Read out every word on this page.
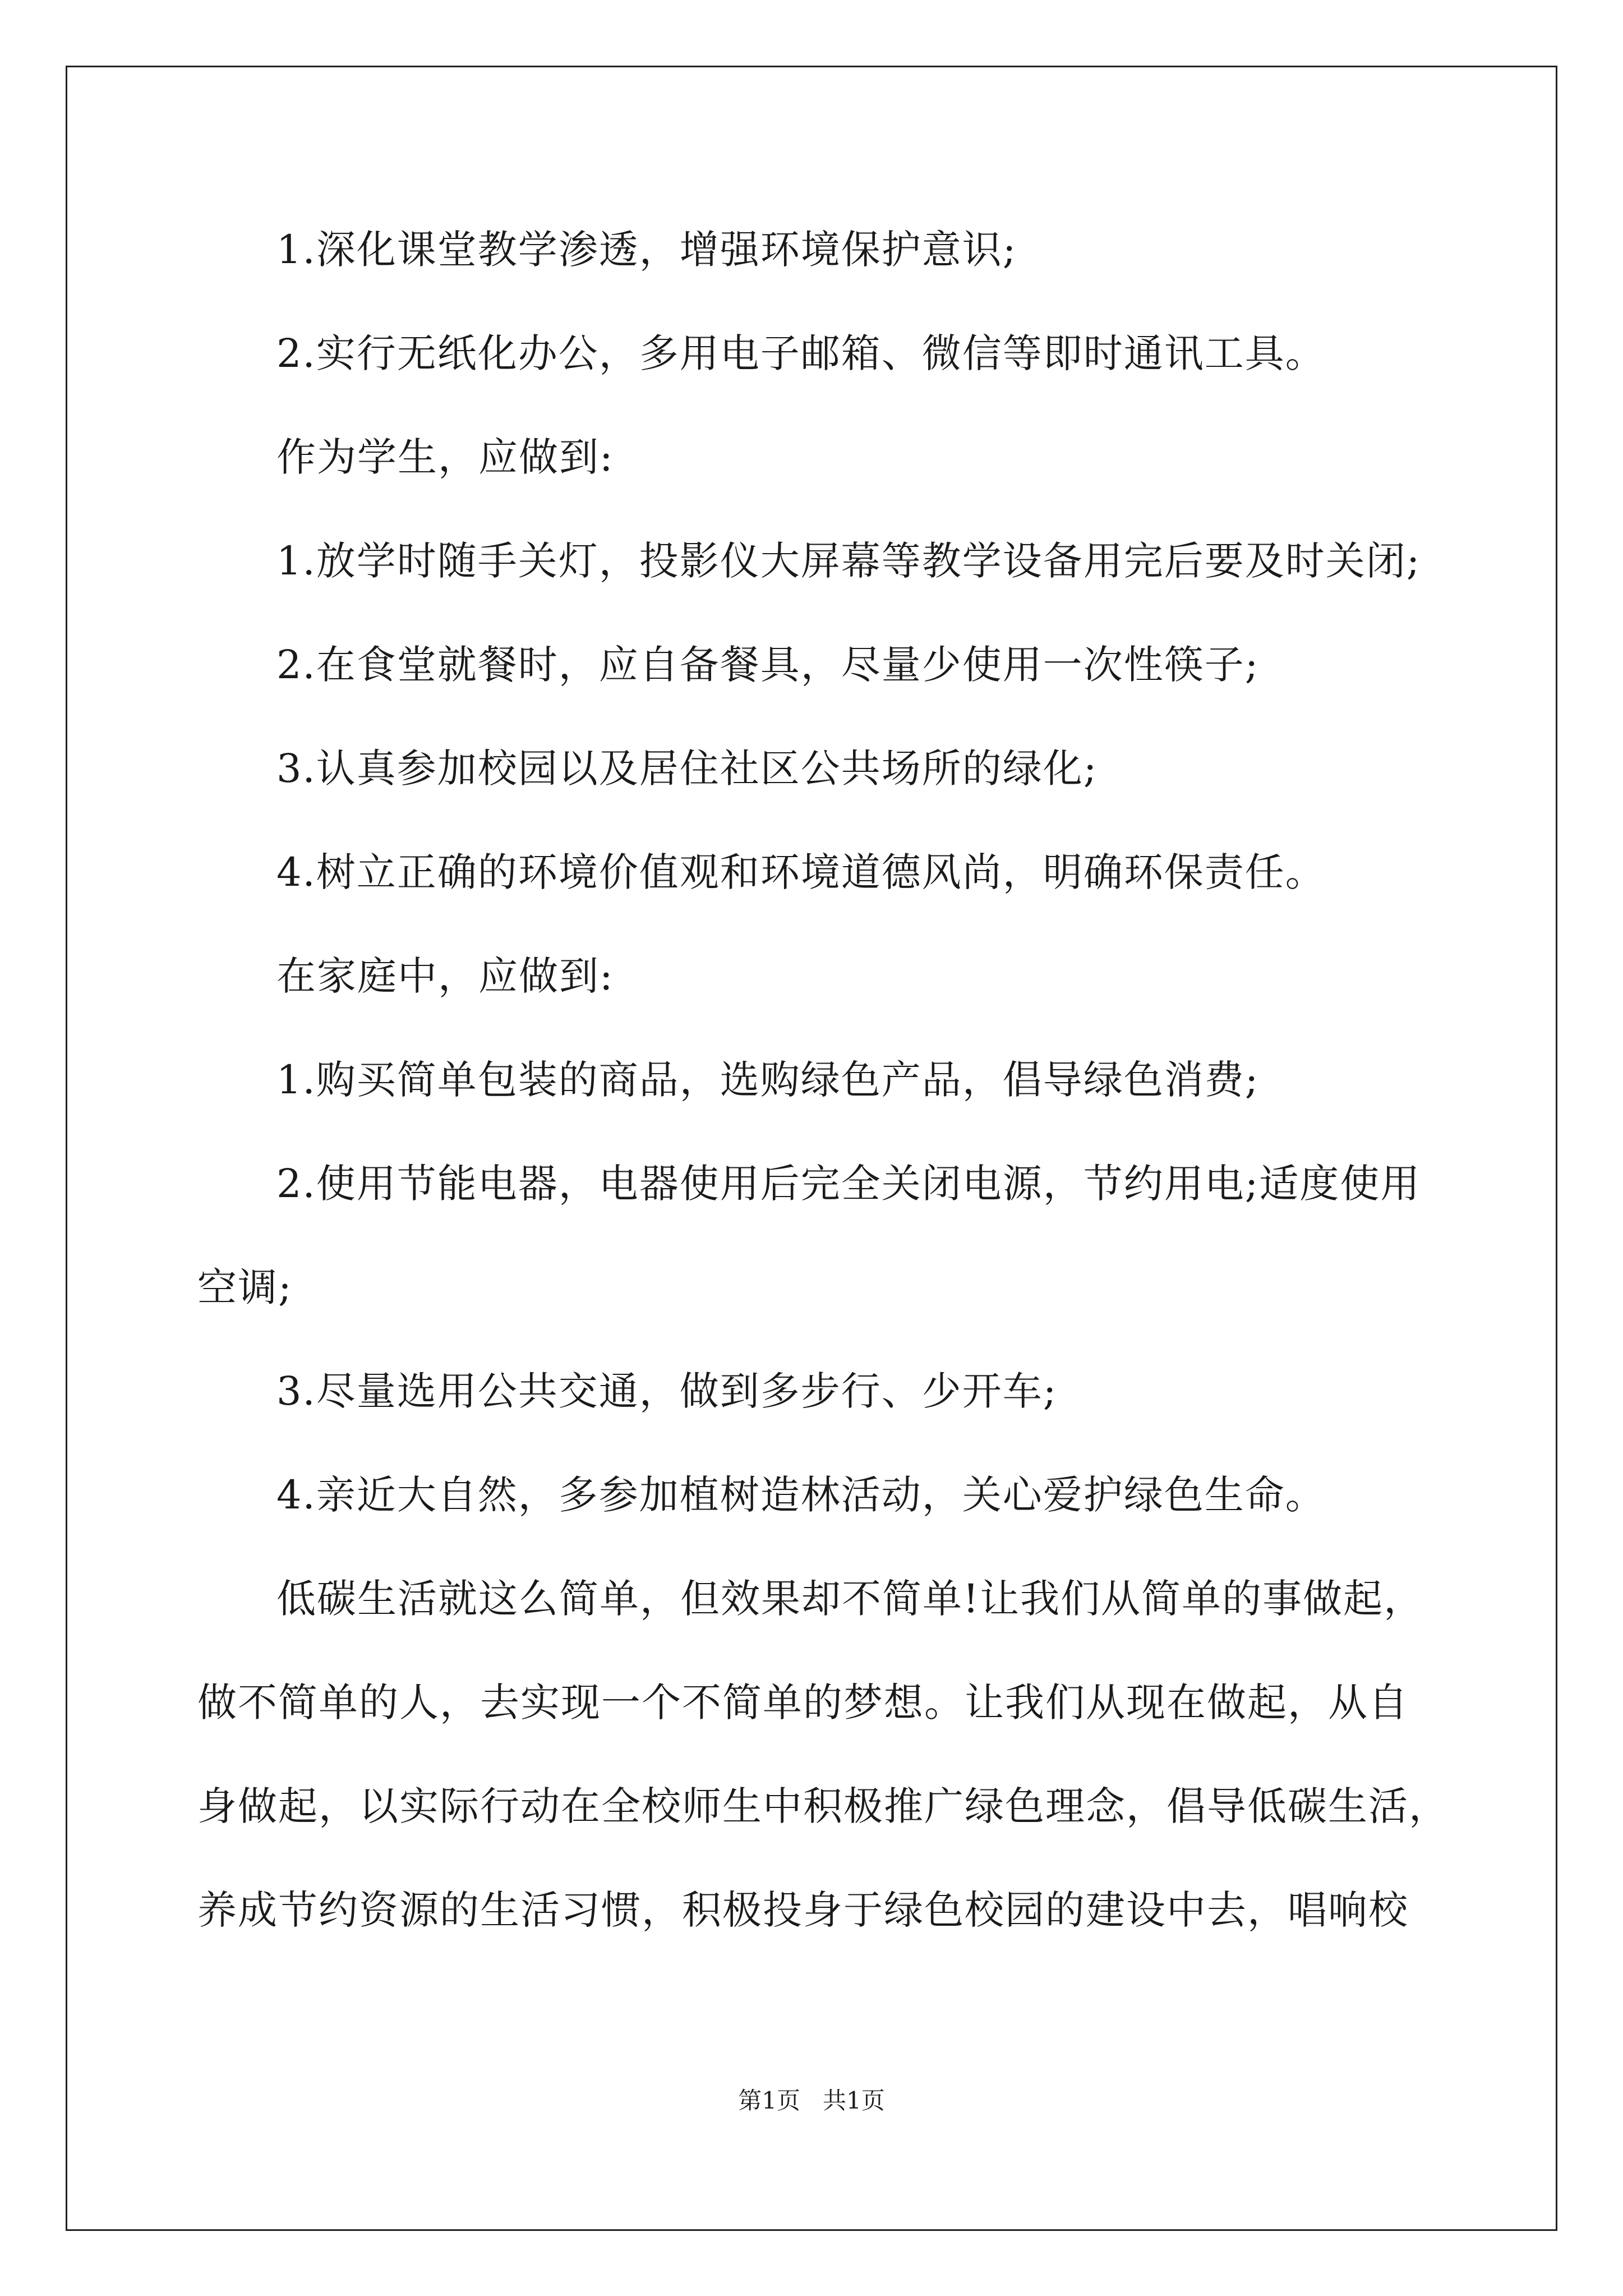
1.深化课堂教学渗透，增强环境保护意识;
2.实行无纸化办公，多用电子邮箱、微信等即时通讯工具。
作为学生，应做到:
1.放学时随手关灯，投影仪大屏幕等教学设备用完后要及时关闭;
2.在食堂就餐时，应自备餐具，尽量少使用一次性筷子;
3.认真参加校园以及居住社区公共场所的绿化;
4.树立正确的环境价值观和环境道德风尚，明确环保责任。
在家庭中，应做到:
1.购买简单包装的商品，选购绿色产品，倡导绿色消费;
2.使用节能电器，电器使用后完全关闭电源，节约用电;适度使用
空调;
3.尽量选用公共交通，做到多步行、少开车;
4.亲近大自然，多参加植树造林活动，关心爱护绿色生命。
低碳生活就这么简单，但效果却不简单!让我们从简单的事做起，
做不简单的人，去实现一个不简单的梦想。让我们从现在做起，从自
身做起，以实际行动在全校师生中积极推广绿色理念，倡导低碳生活，
养成节约资源的生活习惯，积极投身于绿色校园的建设中去，唱响校
第1页   共1页
